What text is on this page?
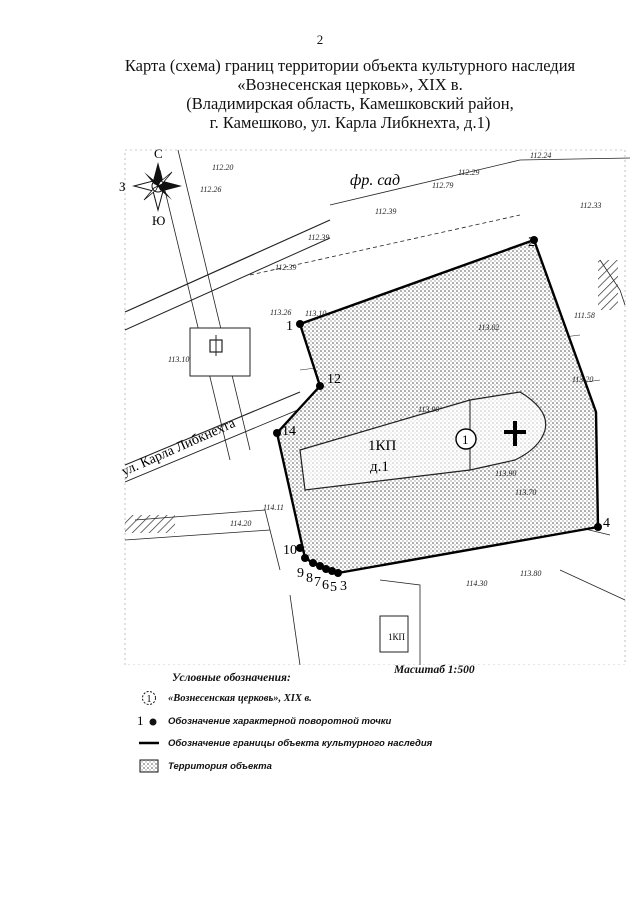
2
Карта (схема) границ территории объекта культурного наследия
«Вознесенская церковь», XIX в.
(Владимирская область, Камешковский район,
г. Камешково, ул. Карла Либкнехта, д.1)
1
2
3
4
5
6
7
8
9
10
12
14
С
Ю
З
ул. Карла Либкнехта
фр. сад
1КП
д.1
1КП
1
112.20
112.24
112.26
112.39
112.39
112.39
112.33
112.79
112.29
113.10
113.26 113.10	111.58
113.02
113.20
113.90
114.11
114.20
114.30
113.80
113.90
113.70
Условные обозначения:
Масштаб 1:500
1 «Вознесенская церковь», XIX в.
1	Обозначение характерной поворотной точки
Обозначение границы объекта культурного наследия
Территория объекта
